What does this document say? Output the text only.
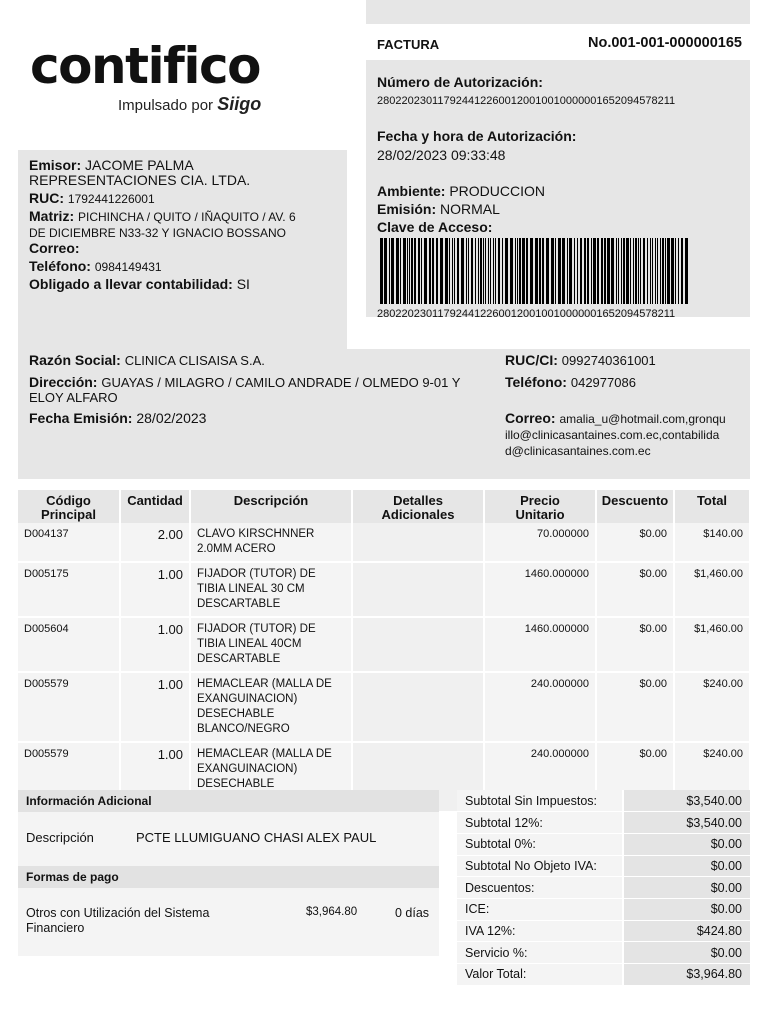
contifico
Impulsado por Siigo
FACTURA	No.001-001-000000165
Número de Autorización:
2802202301179244122600120010010000001652094578211
Fecha y hora de Autorización:
28/02/2023 09:33:48
Ambiente: PRODUCCION
Emisión: NORMAL
Clave de Acceso:
2802202301179244122600120010010000001652094578211
Emisor: JACOME PALMA
REPRESENTACIONES CIA. LTDA.
RUC: 1792441226001
Matriz: PICHINCHA / QUITO / IÑAQUITO / AV. 6
DE DICIEMBRE N33-32 Y IGNACIO BOSSANO
Correo:
Teléfono: 0984149431
Obligado a llevar contabilidad: SI
Razón Social: CLINICA CLISAISA S.A.
Dirección: GUAYAS / MILAGRO / CAMILO ANDRADE / OLMEDO 9-01 Y
ELOY ALFARO
Fecha Emisión: 28/02/2023
RUC/CI: 0992740361001
Teléfono: 042977086
Correo: amalia_u@hotmail.com,gronqu
illo@clinicasantaines.com.ec,contabilida
d@clinicasantaines.com.ec
Código
Principal	Cantidad	Descripción	Detalles
Adicionales	Precio
Unitario	Descuento	Total
D004137	2.00	CLAVO KIRSCHNNER
2.0MM ACERO		70.000000	$0.00	$140.00
D005175	1.00	FIJADOR (TUTOR) DE
TIBIA LINEAL 30 CM
DESCARTABLE		1460.000000	$0.00	$1,460.00
D005604	1.00	FIJADOR (TUTOR) DE
TIBIA LINEAL 40CM
DESCARTABLE		1460.000000	$0.00	$1,460.00
D005579	1.00	HEMACLEAR (MALLA DE
EXANGUINACION)
DESECHABLE
BLANCO/NEGRO		240.000000	$0.00	$240.00
D005579	1.00	HEMACLEAR (MALLA DE
EXANGUINACION)
DESECHABLE		240.000000	$0.00	$240.00
Información Adicional
Descripción	PCTE LLUMIGUANO CHASI ALEX PAUL
Formas de pago
Otros con Utilización del Sistema
Financiero
$3,964.80	0 días
Subtotal Sin Impuestos:	$3,540.00
Subtotal 12%:	$3,540.00
Subtotal 0%:	$0.00
Subtotal No Objeto IVA:	$0.00
Descuentos:	$0.00
ICE:	$0.00
IVA 12%:	$424.80
Servicio %:	$0.00
Valor Total:	$3,964.80
